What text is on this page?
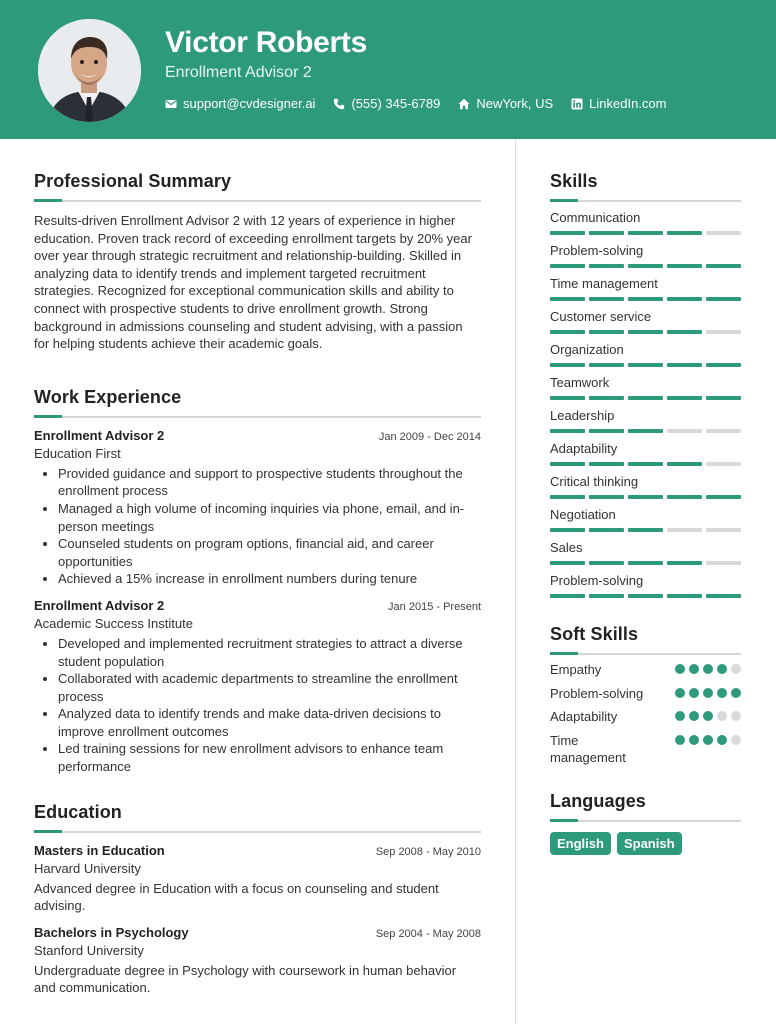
Victor Roberts
Enrollment Advisor 2
support@cvdesigner.ai	(555) 345-6789	NewYork, US	LinkedIn.com
Professional Summary

Results-driven Enrollment Advisor 2 with 12 years of experience in higher education. Proven track record of exceeding enrollment targets by 20% year over year through strategic recruitment and relationship-building. Skilled in analyzing data to identify trends and implement targeted recruitment strategies. Recognized for exceptional communication skills and ability to connect with prospective students to drive enrollment growth. Strong background in admissions counseling and student advising, with a passion for helping students achieve their academic goals.

Work Experience
Enrollment Advisor 2	Jan 2009 - Dec 2014
Education First
• Provided guidance and support to prospective students throughout the enrollment process
• Managed a high volume of incoming inquiries via phone, email, and in-person meetings
• Counseled students on program options, financial aid, and career opportunities
• Achieved a 15% increase in enrollment numbers during tenure
Enrollment Advisor 2	Jan 2015 - Present
Academic Success Institute
• Developed and implemented recruitment strategies to attract a diverse student population
• Collaborated with academic departments to streamline the enrollment process
• Analyzed data to identify trends and make data-driven decisions to improve enrollment outcomes
• Led training sessions for new enrollment advisors to enhance team performance
Education
Masters in Education	Sep 2008 - May 2010
Harvard University

Advanced degree in Education with a focus on counseling and student advising.

Bachelors in Psychology	Sep 2004 - May 2008
Stanford University

Undergraduate degree in Psychology with coursework in human behavior and communication.

Skills
Communication
Problem-solving
Time management
Customer service
Organization
Teamwork
Leadership
Adaptability
Critical thinking
Negotiation
Sales
Problem-solving
Soft Skills
Empathy
Problem-solving
Adaptability
Time management
Languages
English	Spanish
